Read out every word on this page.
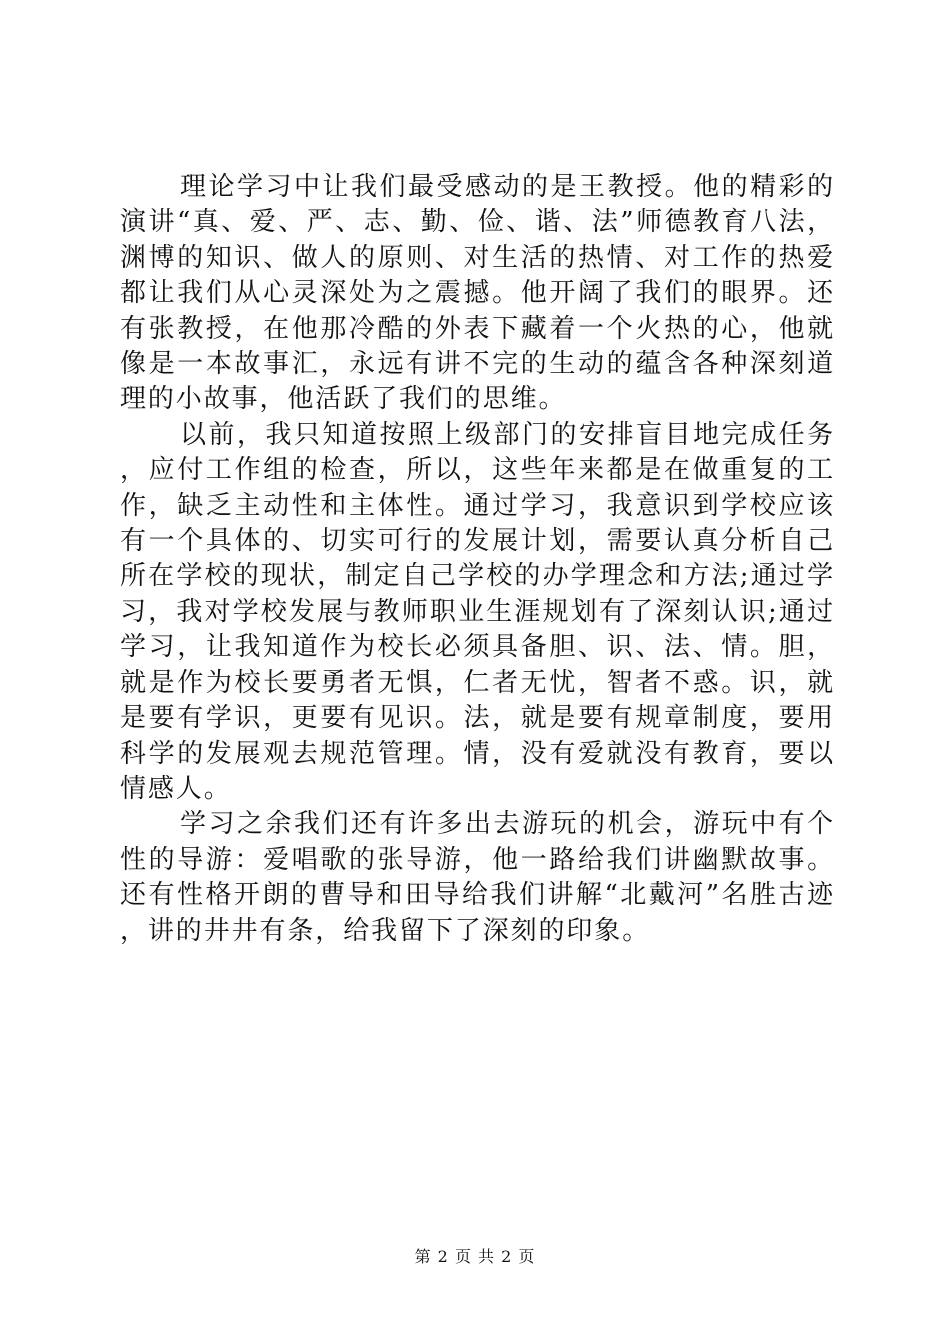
理论学习中让我们最受感动的是王教授。他的精彩的演讲“真、爱、严、志、勤、俭、谐、法”师德教育八法，渊博的知识、做人的原则、对生活的热情、对工作的热爱都让我们从心灵深处为之震撼。他开阔了我们的眼界。还有张教授，在他那冷酷的外表下藏着一个火热的心，他就像是一本故事汇，永远有讲不完的生动的蕴含各种深刻道理的小故事，他活跃了我们的思维。

以前，我只知道按照上级部门的安排盲目地完成任务，应付工作组的检查，所以，这些年来都是在做重复的工作，缺乏主动性和主体性。通过学习，我意识到学校应该有一个具体的、切实可行的发展计划，需要认真分析自己所在学校的现状，制定自己学校的办学理念和方法;通过学习，我对学校发展与教师职业生涯规划有了深刻认识;通过学习，让我知道作为校长必须具备胆、识、法、情。胆，就是作为校长要勇者无惧，仁者无忧，智者不惑。识，就是要有学识，更要有见识。法，就是要有规章制度，要用科学的发展观去规范管理。情，没有爱就没有教育，要以情感人。

学习之余我们还有许多出去游玩的机会，游玩中有个性的导游：爱唱歌的张导游，他一路给我们讲幽默故事。还有性格开朗的曹导和田导给我们讲解“北戴河”名胜古迹，讲的井井有条，给我留下了深刻的印象。

第 2 页 共 2 页
